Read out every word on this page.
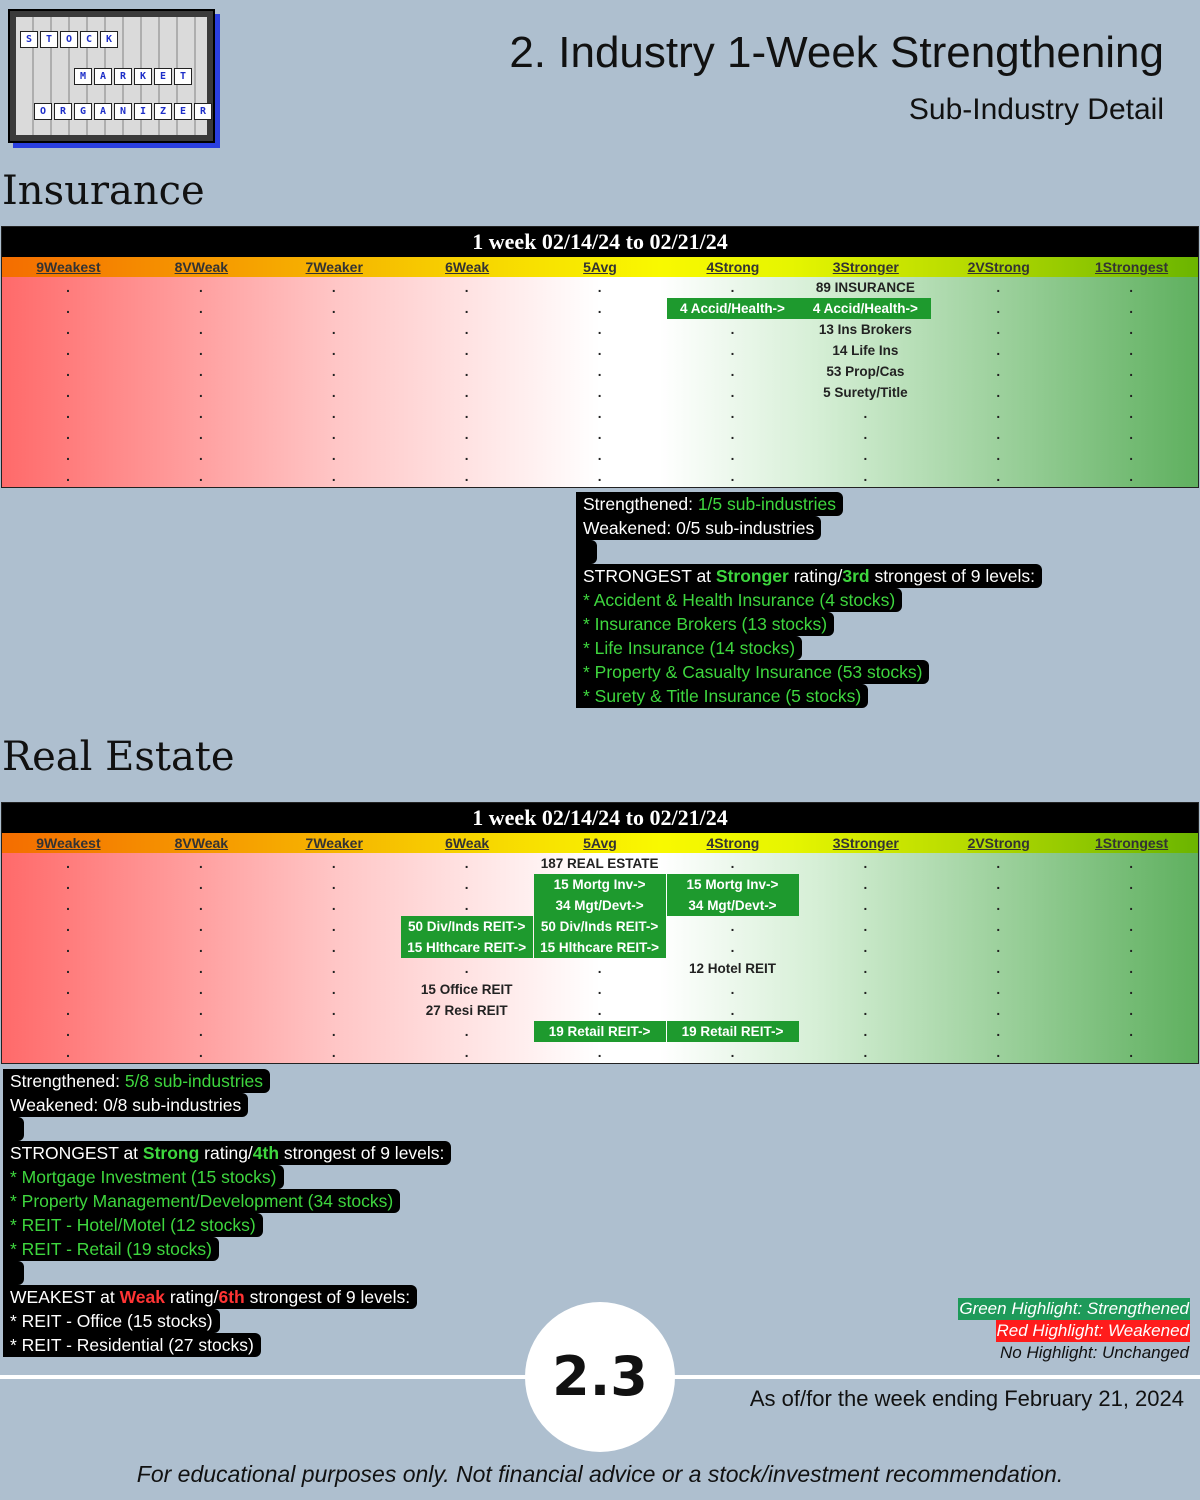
S	T	O	C	K
M	A	R	K	E	T
O	R	G	A	N	I	Z	E	R
2. Industry 1-Week Strengthening
Sub-Industry Detail
Insurance
1 week 02/14/24 to 02/21/24
9Weakest	8VWeak	7Weaker	6Weak	5Avg	4Strong	3Stronger	2VStrong	1Strongest
.	.	.	.	.	.	89 INSURANCE	.	.
.	.	.	.	.	4 Accid/Health->	4 Accid/Health->	.	.
.	.	.	.	.	.	13 Ins Brokers	.	.
.	.	.	.	.	.	14 Life Ins	.	.
.	.	.	.	.	.	53 Prop/Cas	.	.
.	.	.	.	.	.	5 Surety/Title	.	.
.	.	.	.	.	.	.	.	.
.	.	.	.	.	.	.	.	.
.	.	.	.	.	.	.	.	.
.	.	.	.	.	.	.	.	.
Strengthened: 1/5 sub-industries
Weakened: 0/5 sub-industries
STRONGEST at Stronger rating/3rd strongest of 9 levels:
* Accident & Health Insurance (4 stocks)
* Insurance Brokers (13 stocks)
* Life Insurance (14 stocks)
* Property & Casualty Insurance (53 stocks)
* Surety & Title Insurance (5 stocks)
Real Estate
1 week 02/14/24 to 02/21/24
9Weakest	8VWeak	7Weaker	6Weak	5Avg	4Strong	3Stronger	2VStrong	1Strongest
.	.	.	.	187 REAL ESTATE	.	.	.	.
.	.	.	.	15 Mortg Inv->	15 Mortg Inv->	.	.	.
.	.	.	.	34 Mgt/Devt->	34 Mgt/Devt->	.	.	.
.	.	.	50 Div/Inds REIT->	50 Div/Inds REIT->	.	.	.	.
.	.	.	15 Hlthcare REIT->	15 Hlthcare REIT->	.	.	.	.
.	.	.	.	.	12 Hotel REIT	.	.	.
.	.	.	15 Office REIT	.	.	.	.	.
.	.	.	27 Resi REIT	.	.	.	.	.
.	.	.	.	19 Retail REIT->	19 Retail REIT->	.	.	.
.	.	.	.	.	.	.	.	.
Strengthened: 5/8 sub-industries
Weakened: 0/8 sub-industries
STRONGEST at Strong rating/4th strongest of 9 levels:
* Mortgage Investment (15 stocks)
* Property Management/Development (34 stocks)
* REIT - Hotel/Motel (12 stocks)
* REIT - Retail (19 stocks)
WEAKEST at Weak rating/6th strongest of 9 levels:
* REIT - Office (15 stocks)
* REIT - Residential (27 stocks)
Green Highlight: Strengthened
Red Highlight: Weakened
No Highlight: Unchanged
2.3	As of/for the week ending February 21, 2024
For educational purposes only. Not financial advice or a stock/investment recommendation.
